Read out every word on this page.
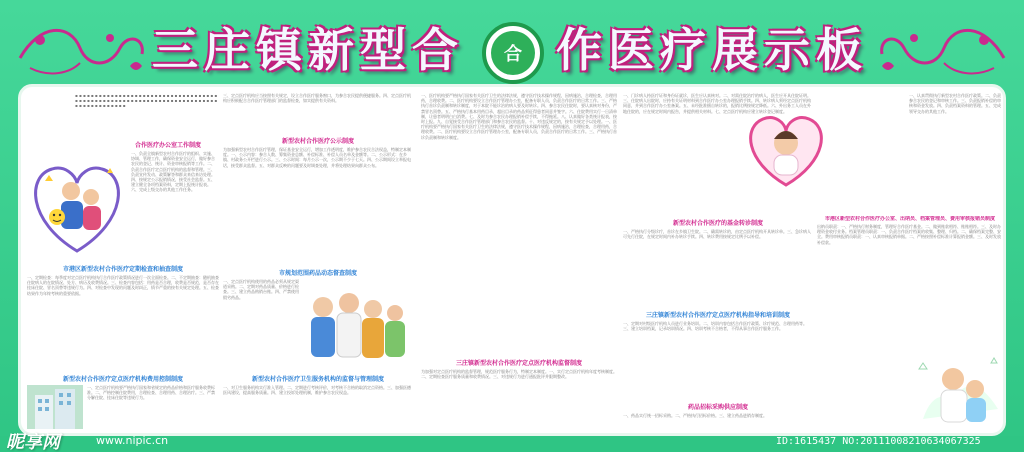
三庄镇新型合	合 作医疗展示板
▪ ▪ ▪ ▪ ▪ ▪ ▪ ▪ ▪ ▪ ▪ ▪ ▪ ▪ ▪ ▪ ▪ ▪ ▪ ▪ ▪ ▪ ▪ ▪ ▪ ▪ ▪ ▪ ▪ ▪ ▪ ▪ ▪ ▪ ▪ ▪ ▪ ▪ ▪ ▪ ▪ ▪ ▪ ▪ ▪ ▪ ▪ ▪ ▪ ▪ ▪ ▪ ▪ ▪ ▪ ▪ ▪ ▪ ▪ ▪ ▪ ▪ ▪ ▪ ▪ ▪ ▪ ▪ ▪ ▪ ▪ ▪ ▪ ▪ ▪ ▪ ▪ ▪ ▪ ▪ ▪ ▪ ▪ ▪ ▪
合作医疗办公室工作制度
一、负责全镇新型农村合作医疗的组织、实施、协调、管理工作，确保资金安全运行，做好参合农民的登记、统计、资金审核报销等工作。二、负责合作医疗定点医疗机构的监督和管理。三、负责宣传发动、政策解答和群众来信来访处理。四、按规定公示报销情况，接受社会监督。五、建立健全各项档案资料，定期上报统计报表。六、完成上级交办的其他工作任务。
市港区新型农村合作医疗定期检查和抽查制度
一、定期检查：每季度对定点医疗机构执行合作医疗政策情况进行一次全面检查。二、不定期抽查：随机抽查住院病人的在院情况、处方、病历及收费情况。三、检查内容包括：用药是否合理，收费是否规范，是否存在挂床住院、冒名顶替等违规行为。四、对检查中发现的问题及时纠正，情节严重的按有关规定处理。五、检查结果作为年终考核的重要依据。
新型农村合作医疗定点医疗机构费用控制制度
一、定点医疗机构要严格执行国家和省规定的药品价格和医疗服务收费标准。二、严格控制住院费用，合理检查、合理用药、合理治疗。三、严禁分解住院、挂床住院等违规行为。
三、定点医疗机构应当按照有关规定，设立合作医疗服务窗口，为参合农民提供便捷服务。四、定点医疗机构应积极配合合作医疗管理部门的监督检查，如实提供有关资料。
新型农村合作医疗公示制度
为加强新型农村合作医疗管理，保证基金安全运行，增加工作透明度，维护参合农民合法权益，特制定本制度。一、公示内容：参合人数、筹集资金总额、补偿标准、补偿人员名单及金额等。二、公示形式：在乡镇、村政务公开栏进行公示。三、公示时间：每月公示一次，公示期不少于七天。四、公示期间设立举报电话，接受群众监督。五、对群众反映的问题要及时调查处理，并将处理结果向群众公布。
市规划范围药品动态督查制度
一、定点医疗机构使用的药品必须从规定渠道采购。二、定期对药品质量、价格进行检查。三、建立药品购销台账。四、严禁使用假劣药品。
新型农村合作医疗卫生服务机构的监督与管理制度
一、对卫生服务机构实行准入管理。二、定期进行考核评价，对考核不合格的取消定点资格。三、加强医德医风建设，提高服务质量。四、建立投诉处理机制，维护参合农民权益。
一、医疗机构要严格执行国家有关医疗卫生的法律法规，遵守医疗技术操作规程，因病施治，合理检查，合理用药，合理收费。二、医疗机构要设立合作医疗管理办公室，配备专职人员，负责合作医疗的日常工作。三、严格执行首诊负责制和转诊制度，对于本院不能诊治的病人要及时转诊。四、参合农民住院时，要认真核对身份，严禁冒名顶替。五、严格执行基本用药目录，超出目录的药品须征得患者同意并签字。六、住院费用实行一日清单制，让患者明明白白消费。七、及时为参合农民办理报销补偿手续，不得拖延。八、认真做好各类统计报表，按时上报。九、自觉接受合作医疗管理部门和参合农民的监督。十、对违反规定的，按有关规定予以处理。一、医疗机构要严格执行国家有关医疗卫生的法律法规，遵守医疗技术操作规程，因病施治，合理检查，合理用药，合理收费。二、医疗机构要设立合作医疗管理办公室，配备专职人员，负责合作医疗的日常工作。三、严格执行首诊负责制和转诊制度。
三庄镇新型农村合作医疗定点医疗机构监督制度
为加强对定点医疗机构的监督管理，规范医疗服务行为，特制定本制度。一、实行定点医疗机构年度考核制度。二、定期检查医疗服务质量和收费情况。三、对违规行为进行通报批评并限期整改。
一、门诊病人持医疗证和身份证就诊，医生应认真核对。二、对需住院治疗的病人，医生应开具住院证明。三、住院病人出院时，应持有关证明材料到合作医疗办公室办理报销手续。四、转诊病人须经定点医疗机构同意，并到合作医疗办公室备案。五、未经批准擅自转诊的，报销比例按规定降低。六、外出务工人员在外地住院的，应在规定时间内报告，并提供相关材料。七、定点医疗机构应建立转诊登记制度。
新型农村合作医疗的基金转诊制度
一、严格执行分级诊疗，首诊在乡镇卫生院。二、确需转诊的，由定点医疗机构开具转诊单。三、急诊病人可先行住院，在规定时间内补办转诊手续。四、转诊费用按规定比例予以补偿。
三庄镇新型农村合作医疗定点医疗机构指导和培训制度
一、定期对村级医疗机构人员进行业务培训。二、培训内容包括合作医疗政策、诊疗规范、合理用药等。三、建立培训档案，记录培训情况。四、培训考核不合格者，不得从事合作医疗服务工作。
药品招标采购供应制度
一、药品实行统一招标采购。二、严格执行招标价格。三、建立药品进销存制度。
一、认真贯彻执行新型农村合作医疗政策。二、负责参合农民的登记和审核工作。三、负责报销补偿的审核和资金发放。四、负责档案资料的管理。五、完成领导交办的其他工作。
市港区新型农村合作医疗办公室、出纳员、档案管理员、费用审核报销员制度
出纳员职责：一、严格执行财务制度，管理好合作医疗基金。二、做到账款相符、账账相符。三、及时办理资金收付业务。档案管理员职责：一、负责合作医疗档案的收集、整理、归档。二、确保档案完整、安全。费用审核报销员职责：一、认真审核报销单据。二、严格按照补偿标准计算报销金额。三、及时发放补偿款。
昵享网	www.nipic.cn	ID:1615437 NO:20111008210634067325
